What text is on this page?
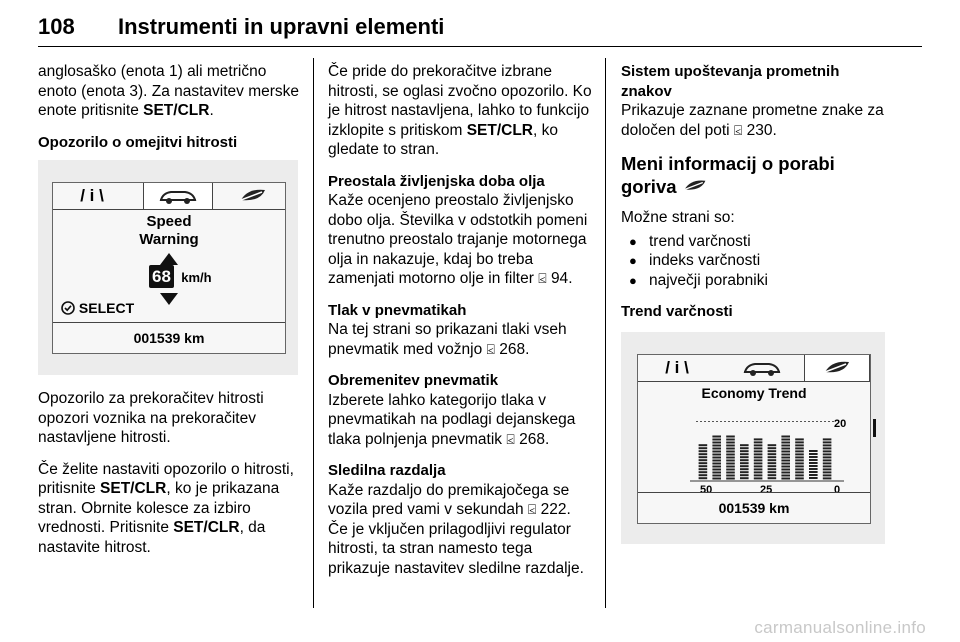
108 Instrumenti in upravni elementi

anglosaško (enota 1) ali metrično enoto (enota 3). Za nastavitev merske enote pritisnite SET/CLR.

Opozorilo o omejitvi hitrosti
/ i \
Speed
Warning
68 km/h
SELECT
001539 km

Opozorilo za prekoračitev hitrosti opozori voznika na prekoračitev nastavljene hitrosti.

Če želite nastaviti opozorilo o hitrosti, pritisnite SET/CLR, ko je prikazana stran. Obrnite kolesce za izbiro vrednosti. Pritisnite SET/CLR, da nastavite hitrost.

Če pride do prekoračitve izbrane hitrosti, se oglasi zvočno opozorilo. Ko je hitrost nastavljena, lahko to funkcijo izklopite s pritiskom SET/CLR, ko gledate to stran.

Preostala življenjska doba olja

Kaže ocenjeno preostalo življenjsko dobo olja. Številka v odstotkih pomeni trenutno preostalo trajanje motornega olja in nakazuje, kdaj bo treba zamenjati motorno olje in filter ⍃ 94.

Tlak v pnevmatikah

Na tej strani so prikazani tlaki vseh pnevmatik med vožnjo ⍃ 268.

Obremenitev pnevmatik

Izberete lahko kategorijo tlaka v pnevmatikah na podlagi dejanskega tlaka polnjenja pnevmatik ⍃ 268.

Sledilna razdalja

Kaže razdaljo do premikajočega se vozila pred vami v sekundah ⍃ 222.

Če je vključen prilagodljivi regulator hitrosti, ta stran namesto tega prikazuje nastavitev sledilne razdalje.

Sistem upoštevanja prometnih znakov

Prikazuje zaznane prometne znake za določen del poti ⍃ 230.

Meni informacij o porabi goriva

Možne strani so:

● trend varčnosti
● indeks varčnosti
● največji porabniki
Trend varčnosti
/ i \
Economy Trend
20
50	25	0
001539 km
carmanualsonline.info
